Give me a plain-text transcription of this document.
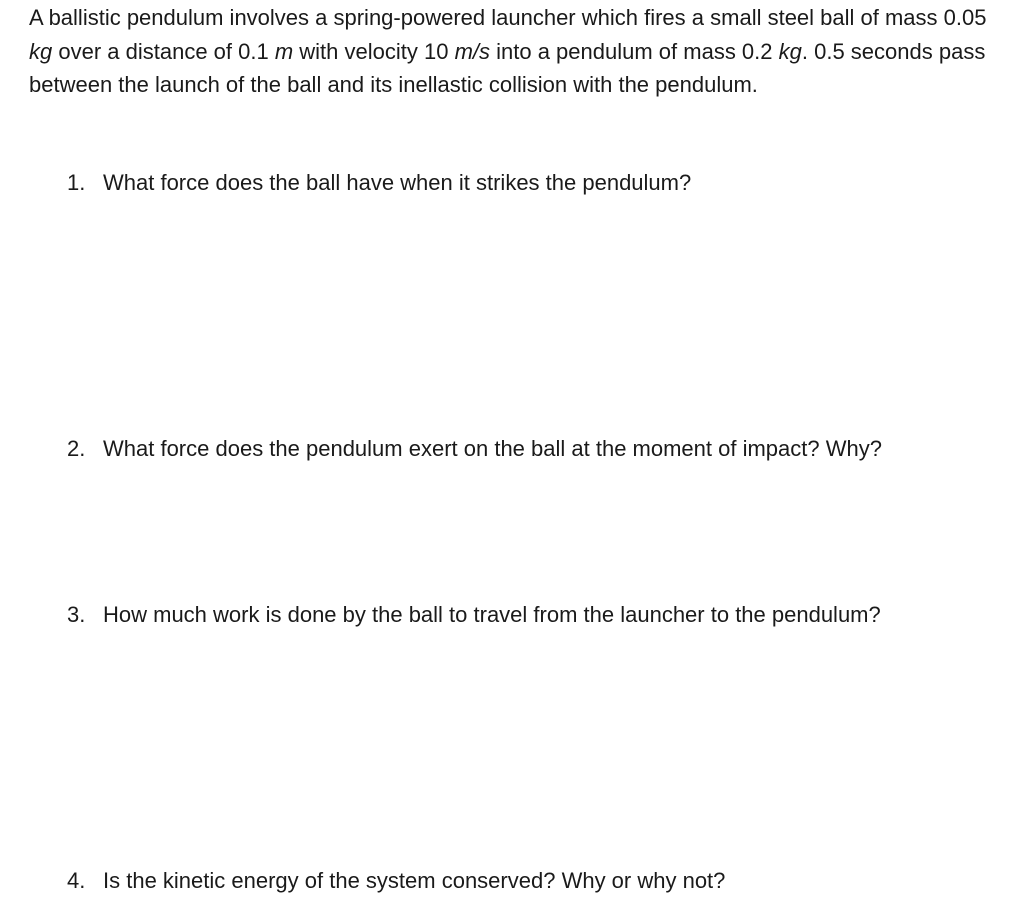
A ballistic pendulum involves a spring-powered launcher which fires a small steel ball of mass 0.05 kg over a distance of 0.1 m with velocity 10 m/s into a pendulum of mass 0.2 kg. 0.5 seconds pass between the launch of the ball and its inellastic collision with the pendulum.

1. What force does the ball have when it strikes the pendulum?

2. What force does the pendulum exert on the ball at the moment of impact? Why?

3. How much work is done by the ball to travel from the launcher to the pendulum?

4. Is the kinetic energy of the system conserved? Why or why not?
